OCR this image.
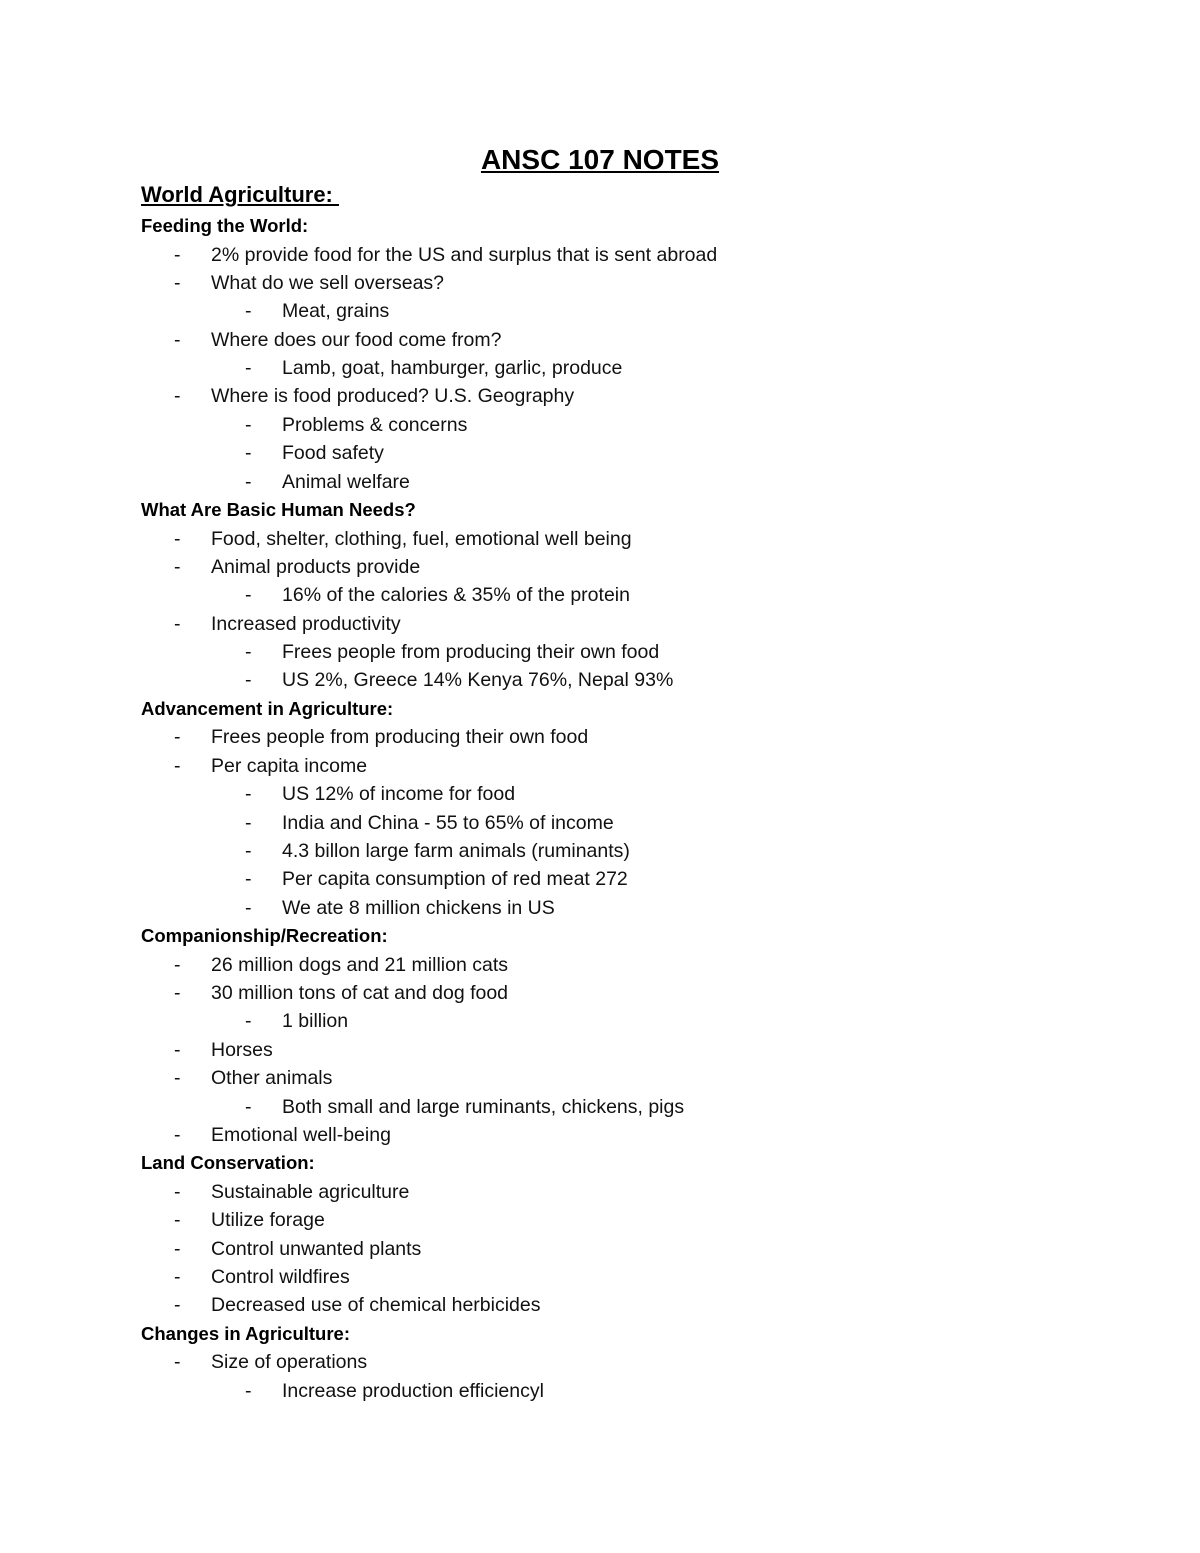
ANSC 107 NOTES
World Agriculture:
Feeding the World:
- 2% provide food for the US and surplus that is sent abroad
- What do we sell overseas?
- Meat, grains
- Where does our food come from?
- Lamb, goat, hamburger, garlic, produce
- Where is food produced? U.S. Geography
- Problems & concerns
- Food safety
- Animal welfare
What Are Basic Human Needs?
- Food, shelter, clothing, fuel, emotional well being
- Animal products provide
- 16% of the calories & 35% of the protein
- Increased productivity
- Frees people from producing their own food
- US 2%, Greece 14% Kenya 76%, Nepal 93%
Advancement in Agriculture:
- Frees people from producing their own food
- Per capita income
- US 12% of income for food
- India and China - 55 to 65% of income
- 4.3 billon large farm animals (ruminants)
- Per capita consumption of red meat 272
- We ate 8 million chickens in US
Companionship/Recreation:
- 26 million dogs and 21 million cats
- 30 million tons of cat and dog food
- 1 billion
- Horses
- Other animals
- Both small and large ruminants, chickens, pigs
- Emotional well-being
Land Conservation:
- Sustainable agriculture
- Utilize forage
- Control unwanted plants
- Control wildfires
- Decreased use of chemical herbicides
Changes in Agriculture:
- Size of operations
- Increase production efficiencyl
